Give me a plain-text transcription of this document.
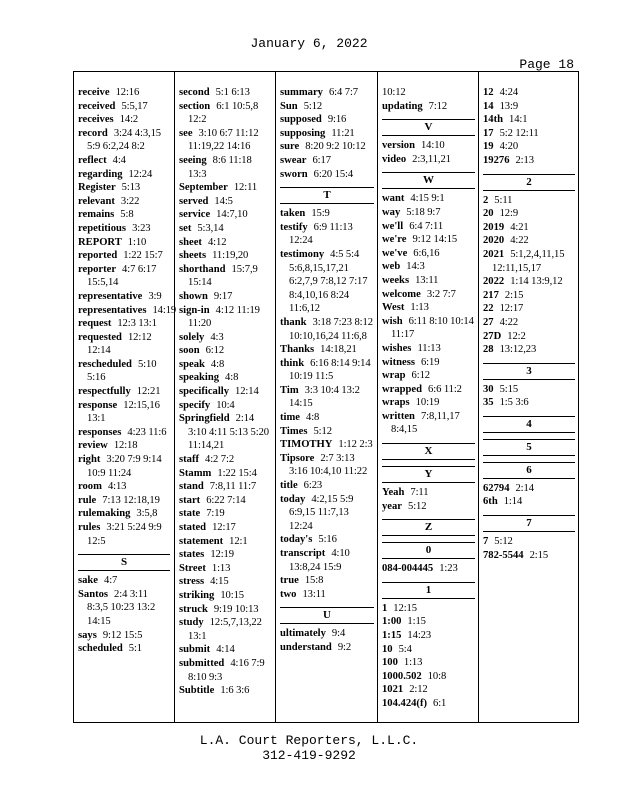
January 6, 2022
Page 18

receive 12:16

received 5:5,17

receives 14:2

record 3:24 4:3,15 5:9 6:2,24 8:2

reflect 4:4

regarding 12:24

Register 5:13

relevant 3:22

remains 5:8

repetitious 3:23

REPORT 1:10

reported 1:22 15:7

reporter 4:7 6:17 15:5,14

representative 3:9

representatives 14:19

request 12:3 13:1

requested 12:12 12:14

rescheduled 5:10 5:16

respectfully 12:21

response 12:15,16 13:1

responses 4:23 11:6

review 12:18

right 3:20 7:9 9:14 10:9 11:24

room 4:13

rule 7:13 12:18,19

rulemaking 3:5,8

rules 3:21 5:24 9:9 12:5

S

sake 4:7

Santos 2:4 3:11 8:3,5 10:23 13:2 14:15

says 9:12 15:5

scheduled 5:1

second 5:1 6:13

section 6:1 10:5,8 12:2

see 3:10 6:7 11:12 11:19,22 14:16

seeing 8:6 11:18 13:3

September 12:11

served 14:5

service 14:7,10

set 5:3,14

sheet 4:12

sheets 11:19,20

shorthand 15:7,9 15:14

shown 9:17

sign-in 4:12 11:19 11:20

solely 4:3

soon 6:12

speak 4:8

speaking 4:8

specifically 12:14

specify 10:4

Springfield 2:14 3:10 4:11 5:13 5:20 11:14,21

staff 4:2 7:2

Stamm 1:22 15:4

stand 7:8,11 11:7

start 6:22 7:14

state 7:19

stated 12:17

statement 12:1

states 12:19

Street 1:13

stress 4:15

striking 10:15

struck 9:19 10:13

study 12:5,7,13,22 13:1

submit 4:14

submitted 4:16 7:9 8:10 9:3

Subtitle 1:6 3:6

summary 6:4 7:7

Sun 5:12

supposed 9:16

supposing 11:21

sure 8:20 9:2 10:12

swear 6:17

sworn 6:20 15:4

T

taken 15:9

testify 6:9 11:13 12:24

testimony 4:5 5:4 5:6,8,15,17,21 6:2,7,9 7:8,12 7:17 8:4,10,16 8:24 11:6,12

thank 3:18 7:23 8:12 10:10,16,24 11:6,8

Thanks 14:18,21

think 6:16 8:14 9:14 10:19 11:5

Tim 3:3 10:4 13:2 14:15

time 4:8

Times 5:12

TIMOTHY 1:12 2:3

Tipsore 2:7 3:13 3:16 10:4,10 11:22

title 6:23

today 4:2,15 5:9 6:9,15 11:7,13 12:24

today's 5:16

transcript 4:10 13:8,24 15:9

true 15:8

two 13:11

U

ultimately 9:4

understand 9:2

10:12

updating 7:12

V

version 14:10

video 2:3,11,21

W

want 4:15 9:1

way 5:18 9:7

we'll 6:4 7:11

we're 9:12 14:15

we've 6:6,16

web 14:3

weeks 13:11

welcome 3:2 7:7

West 1:13

wish 6:11 8:10 10:14 11:17

wishes 11:13

witness 6:19

wrap 6:12

wrapped 6:6 11:2

wraps 10:19

written 7:8,11,17 8:4,15

X
Y

Yeah 7:11

year 5:12

Z
0

084-004445 1:23

1

1 12:15

1:00 1:15

1:15 14:23

10 5:4

100 1:13

1000.502 10:8

1021 2:12

104.424(f) 6:1

12 4:24

14 13:9

14th 14:1

17 5:2 12:11

19 4:20

19276 2:13

2

2 5:11

20 12:9

2019 4:21

2020 4:22

2021 5:1,2,4,11,15 12:11,15,17

2022 1:14 13:9,12

217 2:15

22 12:17

27 4:22

27D 12:2

28 13:12,23

3

30 5:15

35 1:5 3:6

4
5
6

62794 2:14

6th 1:14

7

7 5:12

782-5544 2:15

L.A. Court Reporters, L.L.C.
312-419-9292
